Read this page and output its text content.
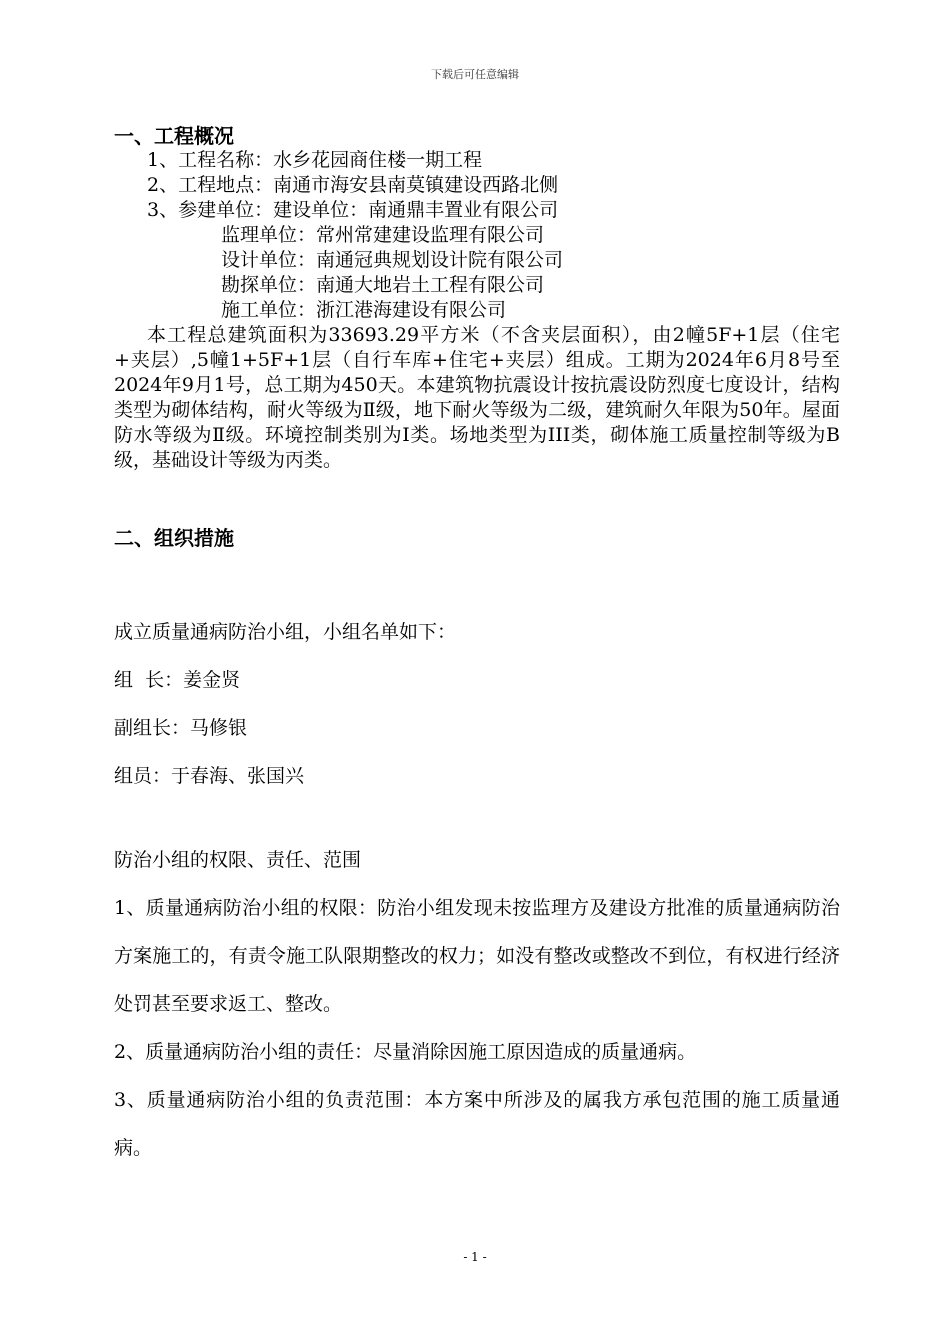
下载后可任意编辑

一、工程概况

1、工程名称：水乡花园商住楼一期工程

2、工程地点：南通市海安县南莫镇建设西路北侧

3、参建单位：建设单位：南通鼎丰置业有限公司

监理单位：常州常建建设监理有限公司

设计单位：南通冠典规划设计院有限公司

勘探单位：南通大地岩土工程有限公司

施工单位：浙江港海建设有限公司

本工程总建筑面积为33693.29平方米（不含夹层面积），由2幢5F+1层（住宅+夹层）,5幢1+5F+1层（自行车库+住宅+夹层）组成。工期为2024年6月8号至2024年9月1号，总工期为450天。本建筑物抗震设计按抗震设防烈度七度设计，结构类型为砌体结构，耐火等级为Ⅱ级，地下耐火等级为二级，建筑耐久年限为50年。屋面防水等级为Ⅱ级。环境控制类别为I类。场地类型为III类，砌体施工质量控制等级为B级，基础设计等级为丙类。

二、组织措施

成立质量通病防治小组，小组名单如下：

组  长：姜金贤

副组长：马修银

组员：于春海、张国兴

防治小组的权限、责任、范围

1、质量通病防治小组的权限：防治小组发现未按监理方及建设方批准的质量通病防治方案施工的，有责令施工队限期整改的权力；如没有整改或整改不到位，有权进行经济处罚甚至要求返工、整改。

2、质量通病防治小组的责任：尽量消除因施工原因造成的质量通病。

3、质量通病防治小组的负责范围：本方案中所涉及的属我方承包范围的施工质量通病。

- 1 -
